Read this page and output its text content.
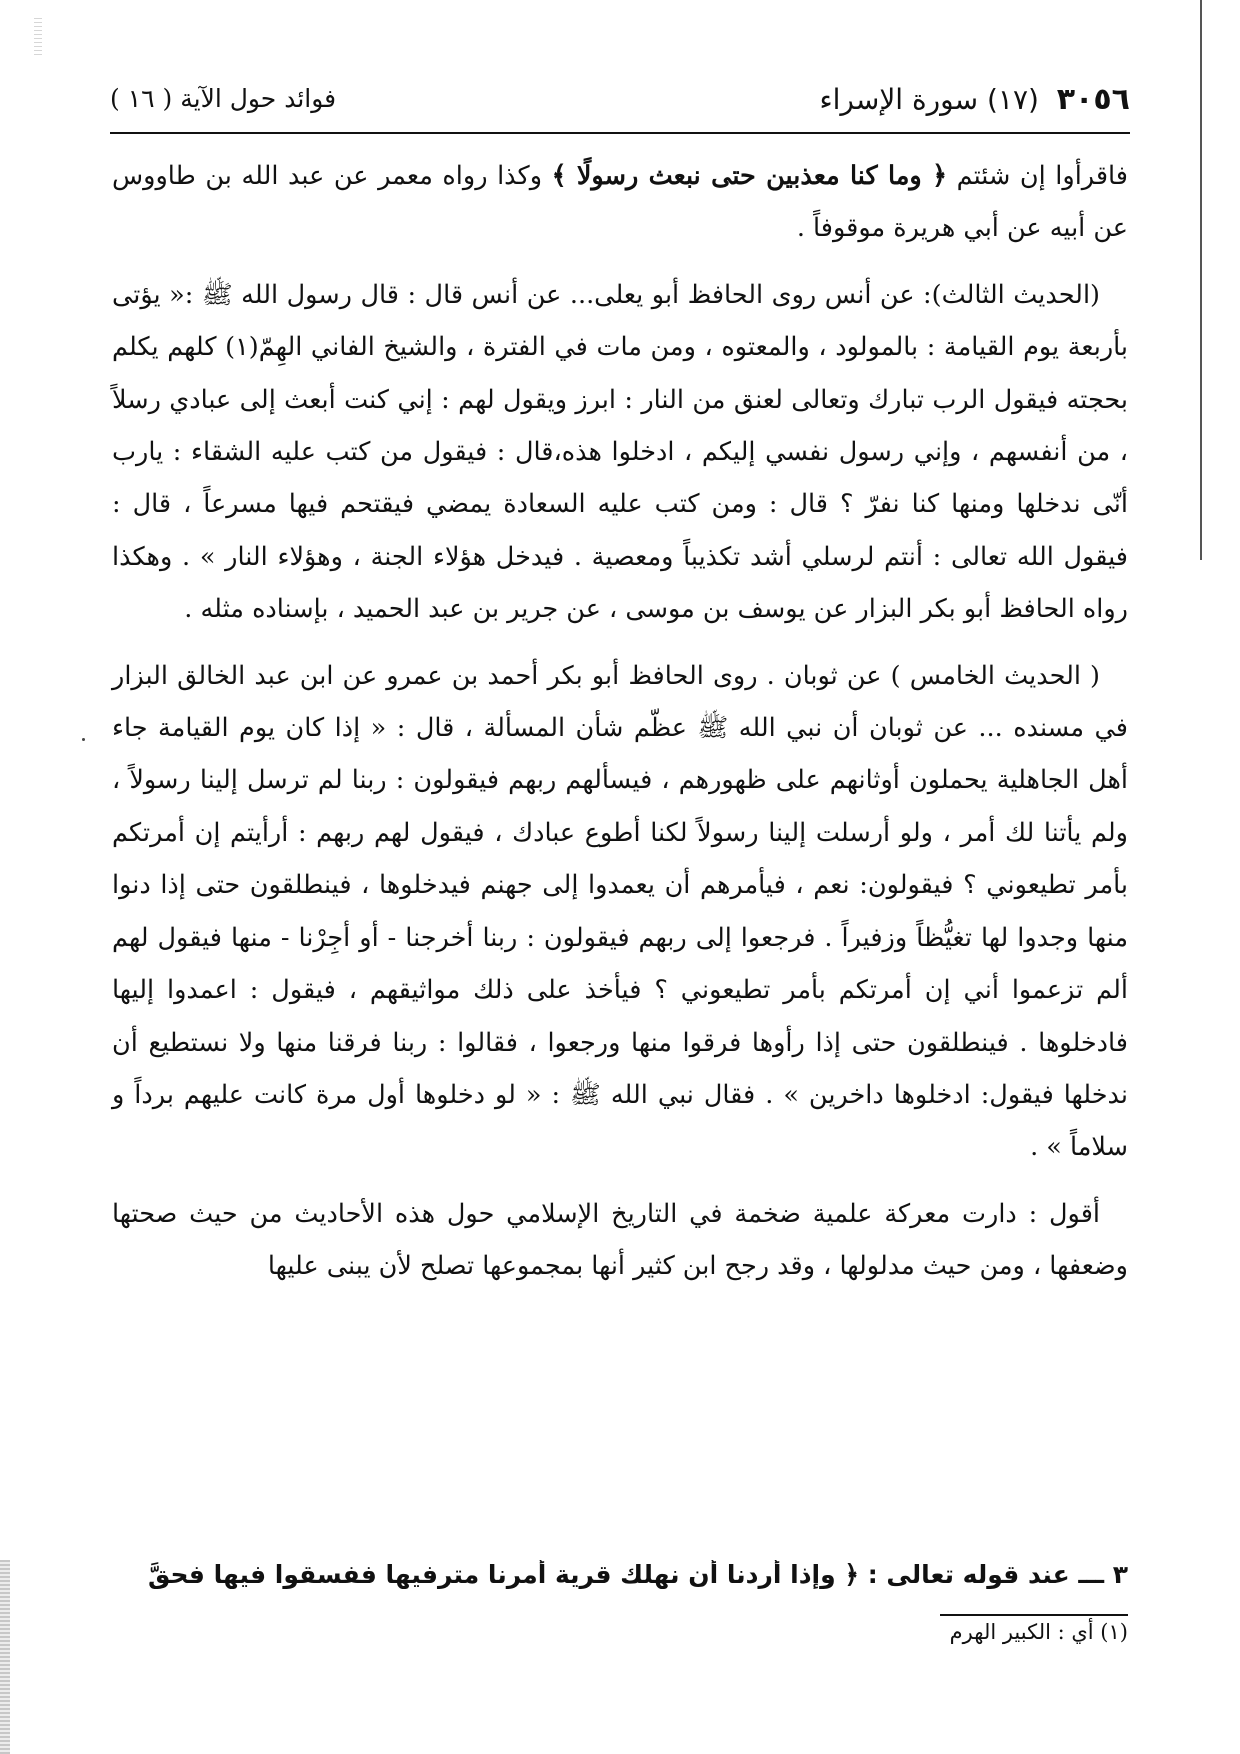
٣٠٥٦  (١٧) سورة الإسراء
فوائد حول الآية ( ١٦ )

فاقرأوا إن شئتم ﴿ وما كنا معذبين حتى نبعث رسولًا ﴾ وكذا رواه معمر عن عبد الله بن طاووس عن أبيه عن أبي هريرة موقوفاً .

(الحديث الثالث): عن أنس روى الحافظ أبو يعلى... عن أنس قال : قال رسول الله ﷺ :« يؤتى بأربعة يوم القيامة : بالمولود ، والمعتوه ، ومن مات في الفترة ، والشيخ الفاني الهِمّ(١) كلهم يكلم بحجته فيقول الرب تبارك وتعالى لعنق من النار : ابرز ويقول لهم : إني كنت أبعث إلى عبادي رسلاً ، من أنفسهم ، وإني رسول نفسي إليكم ، ادخلوا هذه،قال : فيقول من كتب عليه الشقاء : يارب أنّى ندخلها ومنها كنا نفرّ ؟ قال : ومن كتب عليه السعادة يمضي فيقتحم فيها مسرعاً ، قال : فيقول الله تعالى : أنتم لرسلي أشد تكذيباً ومعصية . فيدخل هؤلاء الجنة ، وهؤلاء النار » . وهكذا رواه الحافظ أبو بكر البزار عن يوسف بن موسى ، عن جرير بن عبد الحميد ، بإسناده مثله .

( الحديث الخامس ) عن ثوبان . روى الحافظ أبو بكر أحمد بن عمرو عن ابن عبد الخالق البزار في مسنده ... عن ثوبان أن نبي الله ﷺ عظّم شأن المسألة ، قال : « إذا كان يوم القيامة جاء أهل الجاهلية يحملون أوثانهم على ظهورهم ، فيسألهم ربهم فيقولون : ربنا لم ترسل إلينا رسولاً ، ولم يأتنا لك أمر ، ولو أرسلت إلينا رسولاً لكنا أطوع عبادك ، فيقول لهم ربهم : أرأيتم إن أمرتكم بأمر تطيعوني ؟ فيقولون: نعم ، فيأمرهم أن يعمدوا إلى جهنم فيدخلوها ، فينطلقون حتى إذا دنوا منها وجدوا لها تغيُّظاً وزفيراً . فرجعوا إلى ربهم فيقولون : ربنا أخرجنا - أو أجِرْنا - منها فيقول لهم ألم تزعموا أني إن أمرتكم بأمر تطيعوني ؟ فيأخذ على ذلك مواثيقهم ، فيقول : اعمدوا إليها فادخلوها . فينطلقون حتى إذا رأوها فرقوا منها ورجعوا ، فقالوا : ربنا فرقنا منها ولا نستطيع أن ندخلها فيقول: ادخلوها داخرين » . فقال نبي الله ﷺ : « لو دخلوها أول مرة كانت عليهم برداً و سلاماً » .

أقول : دارت معركة علمية ضخمة في التاريخ الإسلامي حول هذه الأحاديث من حيث صحتها وضعفها ، ومن حيث مدلولها ، وقد رجح ابن كثير أنها بمجموعها تصلح لأن يبنى عليها

٣ ـــ عند قوله تعالى : ﴿ وإذا أردنا أن نهلك قرية أمرنا مترفيها ففسقوا فيها فحقَّ
(١) أي : الكبير الهرم
